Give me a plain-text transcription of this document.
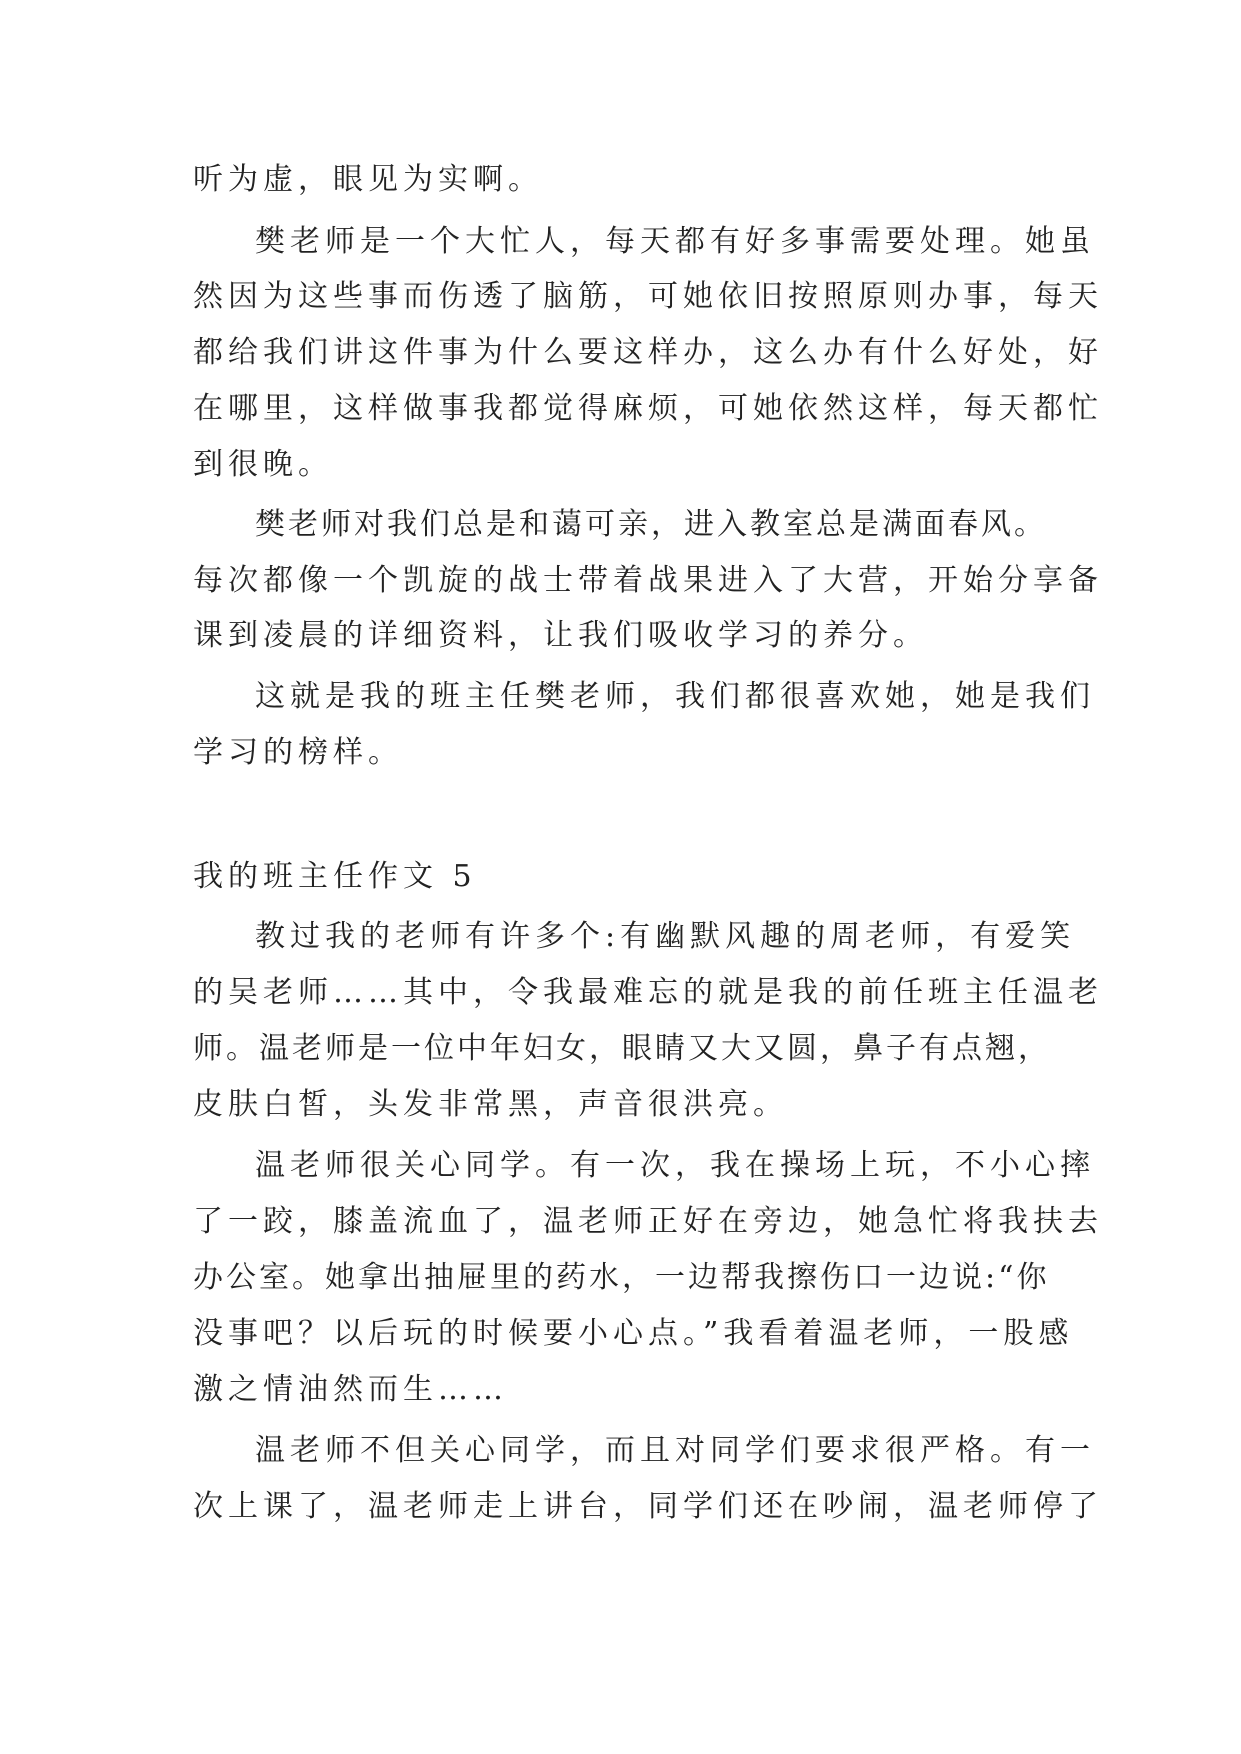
听为虚，眼见为实啊。

樊老师是一个大忙人，每天都有好多事需要处理。她虽

然因为这些事而伤透了脑筋，可她依旧按照原则办事，每天

都给我们讲这件事为什么要这样办，这么办有什么好处，好

在哪里，这样做事我都觉得麻烦，可她依然这样，每天都忙

到很晚。

樊老师对我们总是和蔼可亲，进入教室总是满面春风。

每次都像一个凯旋的战士带着战果进入了大营，开始分享备

课到凌晨的详细资料，让我们吸收学习的养分。

这就是我的班主任樊老师，我们都很喜欢她，她是我们

学习的榜样。

我的班主任作文 5

教过我的老师有许多个:有幽默风趣的周老师，有爱笑

的吴老师……其中，令我最难忘的就是我的前任班主任温老

师。温老师是一位中年妇女，眼睛又大又圆，鼻子有点翘，

皮肤白皙，头发非常黑，声音很洪亮。

温老师很关心同学。有一次，我在操场上玩，不小心摔

了一跤，膝盖流血了，温老师正好在旁边，她急忙将我扶去

办公室。她拿出抽屉里的药水，一边帮我擦伤口一边说:“你

没事吧？以后玩的时候要小心点。”我看着温老师，一股感

激之情油然而生……

温老师不但关心同学，而且对同学们要求很严格。有一

次上课了，温老师走上讲台，同学们还在吵闹，温老师停了
